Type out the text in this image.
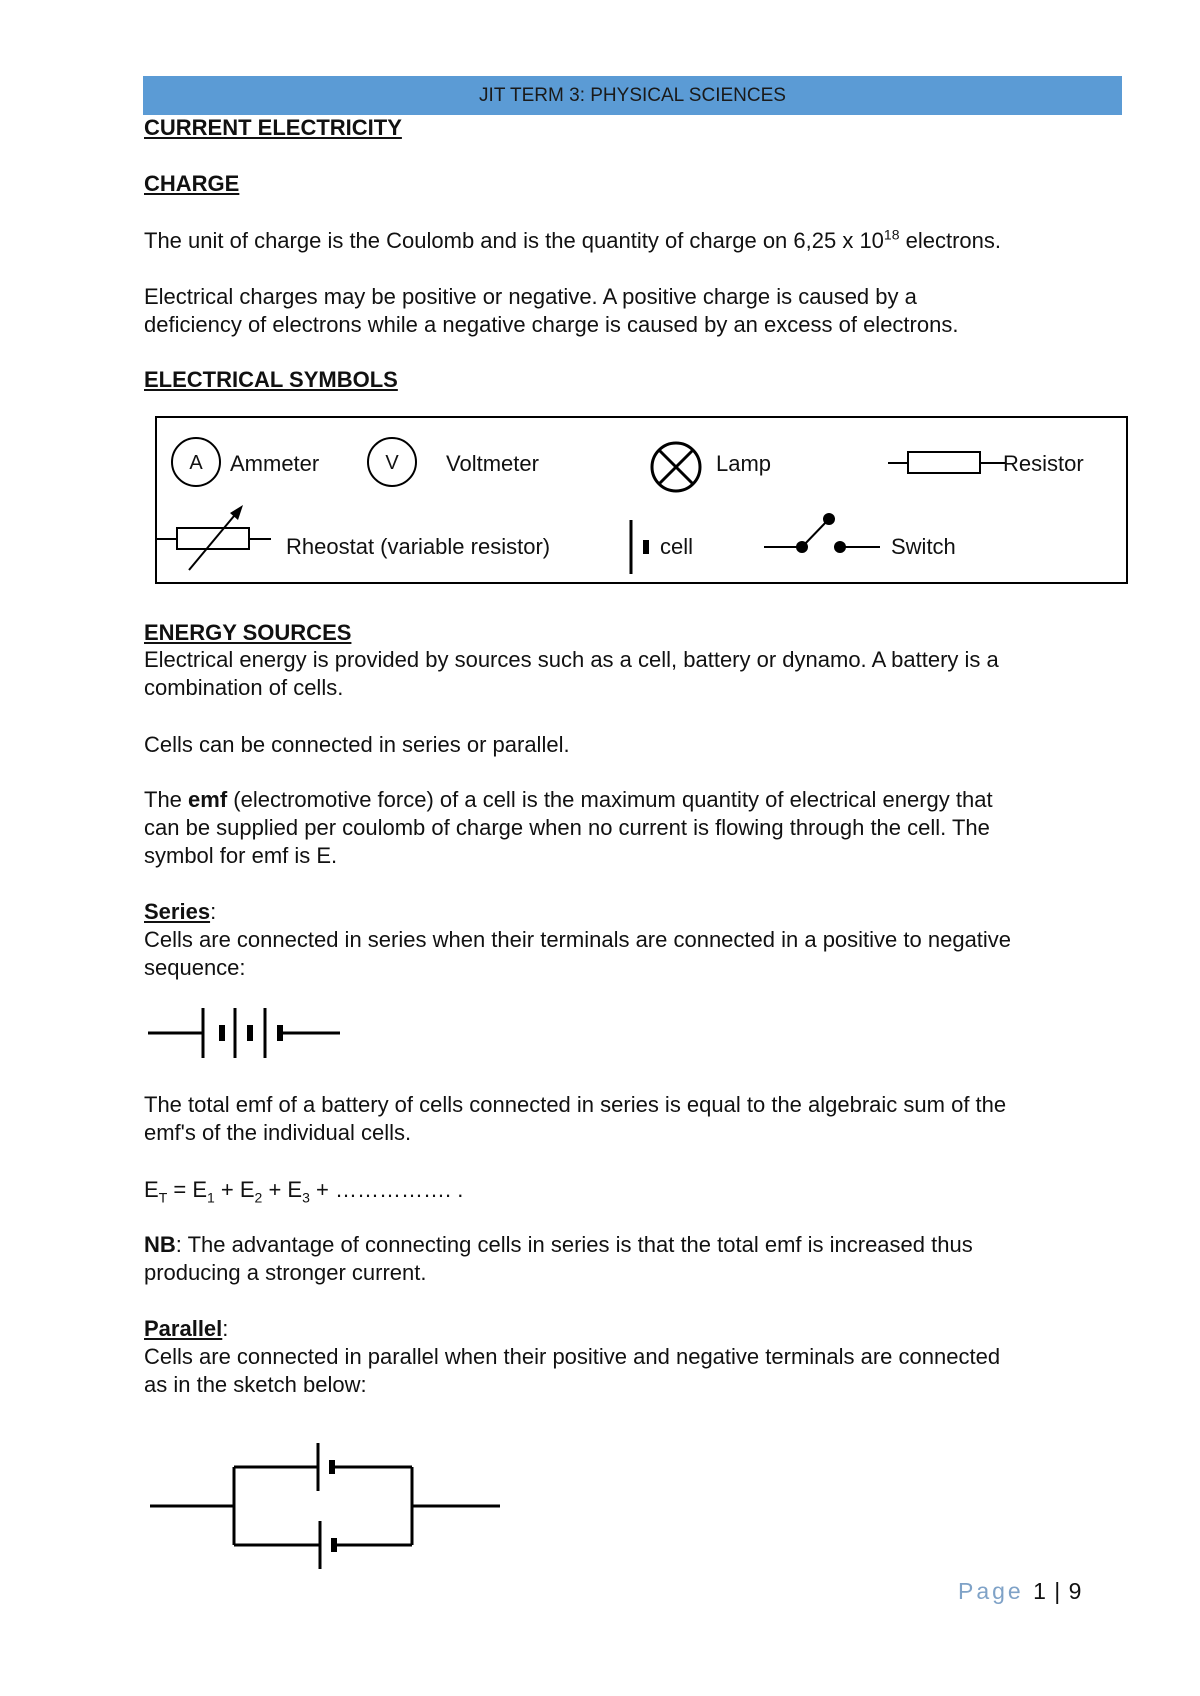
JIT TERM 3: PHYSICAL SCIENCES

CURRENT ELECTRICITY

CHARGE

The unit of charge is the Coulomb and is the quantity of charge on 6,25 x $10^{18}$ electrons.

Electrical charges may be positive or negative. A positive charge is caused by a
deficiency of electrons while a negative charge is caused by an excess of electrons.

ELECTRICAL SYMBOLS

A Ammeter	V Voltmeter	Lamp	Resistor
Rheostat (variable resistor)	cell	Switch

ENERGY SOURCES

Electrical energy is provided by sources such as a cell, battery or dynamo. A battery is a
combination of cells.

Cells can be connected in series or parallel.

The emf (electromotive force) of a cell is the maximum quantity of electrical energy that
can be supplied per coulomb of charge when no current is flowing through the cell. The
symbol for emf is E.

Series:

Cells are connected in series when their terminals are connected in a positive to negative
sequence:

The total emf of a battery of cells connected in series is equal to the algebraic sum of the
emf's of the individual cells.

$E_T = E_1 + E_2 + E_3$ + ……………. .

NB: The advantage of connecting cells in series is that the total emf is increased thus
producing a stronger current.

Parallel:

Cells are connected in parallel when their positive and negative terminals are connected
as in the sketch below:

Page 1 | 9
